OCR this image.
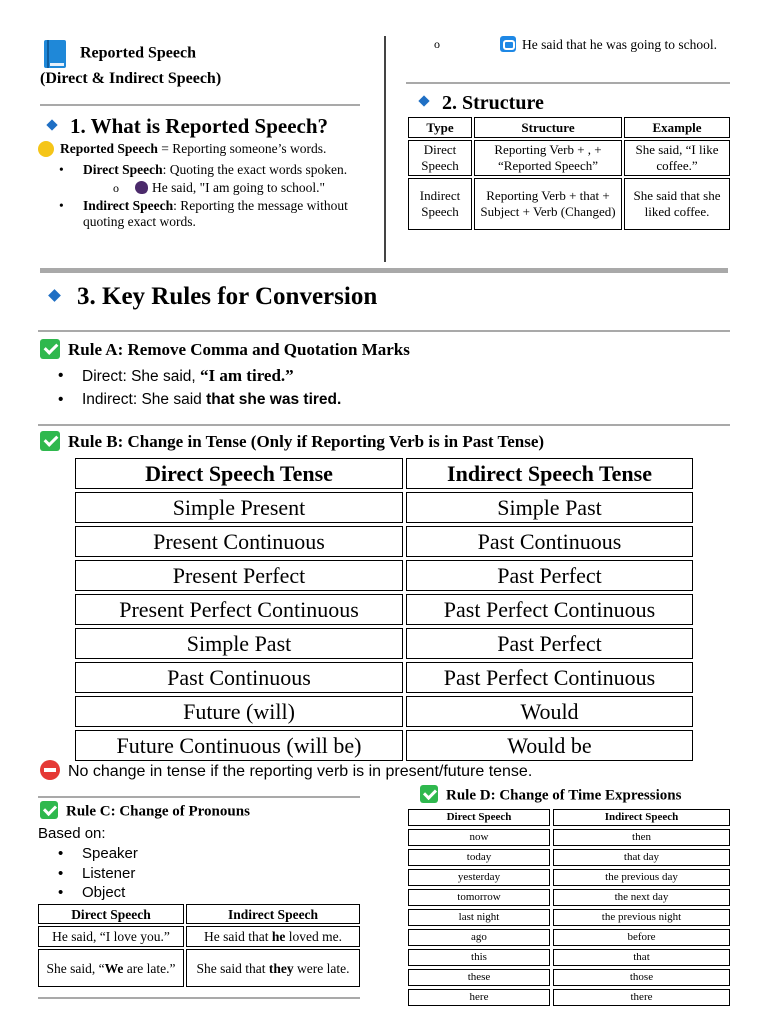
Reported Speech
(Direct & Indirect Speech)
1. What is Reported Speech?
Reported Speech = Reporting someone’s words.
• Direct Speech: Quoting the exact words spoken.
o He said, "I am going to school."
• Indirect Speech: Reporting the message without quoting exact words.
o He said that he was going to school.
2. Structure
Type	Structure	Example
Direct Speech	Reporting Verb + , + “Reported Speech”	She said, “I like coffee.”
Indirect Speech	Reporting Verb + that + Subject + Verb (Changed)	She said that she liked coffee.
3. Key Rules for Conversion
Rule A: Remove Comma and Quotation Marks
• Direct: She said, “I am tired.”
• Indirect: She said that she was tired.
Rule B: Change in Tense (Only if Reporting Verb is in Past Tense)
Direct Speech Tense	Indirect Speech Tense
Simple Present	Simple Past
Present Continuous	Past Continuous
Present Perfect	Past Perfect
Present Perfect Continuous	Past Perfect Continuous
Simple Past	Past Perfect
Past Continuous	Past Perfect Continuous
Future (will)	Would
Future Continuous (will be)	Would be
No change in tense if the reporting verb is in present/future tense.
Rule C: Change of Pronouns
Based on:
• Speaker
• Listener
• Object
Direct Speech	Indirect Speech
He said, “I love you.”	He said that he loved me.
She said, “We are late.”	She said that they were late.
Rule D: Change of Time Expressions
Direct Speech	Indirect Speech
now	then
today	that day
yesterday	the previous day
tomorrow	the next day
last night	the previous night
ago	before
this	that
these	those
here	there
